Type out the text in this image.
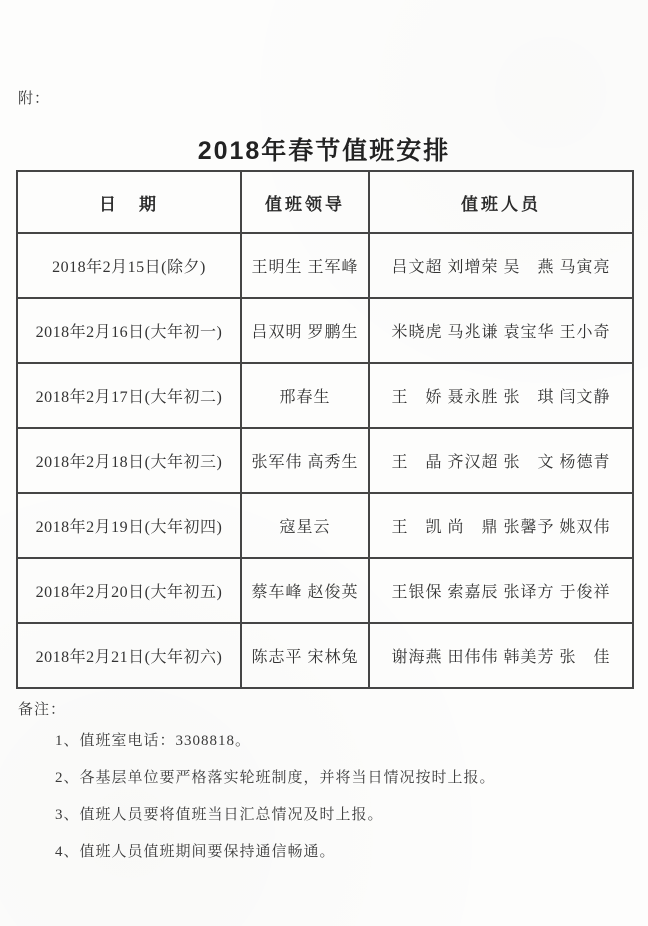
附：
2018年春节值班安排
日　期	值班领导	值班人员
2018年2月15日(除夕)	王明生 王军峰	吕文超 刘增荣 吴　燕 马寅亮
2018年2月16日(大年初一)	吕双明 罗鹏生	米晓虎 马兆谦 袁宝华 王小奇
2018年2月17日(大年初二)	邢春生	王　娇 聂永胜 张　琪 闫文静
2018年2月18日(大年初三)	张军伟 高秀生	王　晶 齐汉超 张　文 杨德青
2018年2月19日(大年初四)	寇星云	王　凯 尚　鼎 张馨予 姚双伟
2018年2月20日(大年初五)	蔡车峰 赵俊英	王银保 索嘉辰 张译方 于俊祥
2018年2月21日(大年初六)	陈志平 宋林兔	谢海燕 田伟伟 韩美芳 张　佳
备注：
1、值班室电话：3308818。
2、各基层单位要严格落实轮班制度，并将当日情况按时上报。
3、值班人员要将值班当日汇总情况及时上报。
4、值班人员值班期间要保持通信畅通。
